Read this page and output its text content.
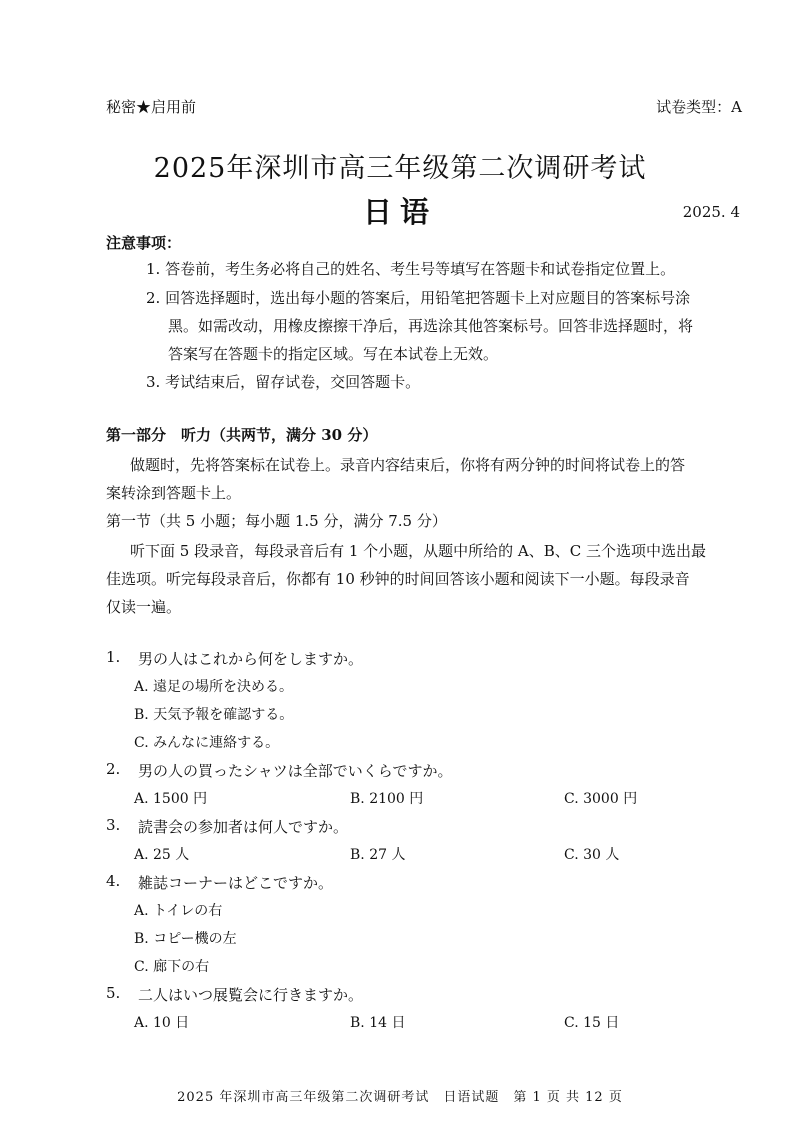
秘密★启用前	试卷类型：A
2025年深圳市高三年级第二次调研考试
日语	2025. 4
注意事项：
1. 答卷前，考生务必将自己的姓名、考生号等填写在答题卡和试卷指定位置上。
2. 回答选择题时，选出每小题的答案后，用铅笔把答题卡上对应题目的答案标号涂
黑。如需改动，用橡皮擦擦干净后，再选涂其他答案标号。回答非选择题时，将
答案写在答题卡的指定区域。写在本试卷上无效。
3. 考试结束后，留存试卷，交回答题卡。
第一部分　听力（共两节，满分 30 分）
做题时，先将答案标在试卷上。录音内容结束后，你将有两分钟的时间将试卷上的答
案转涂到答题卡上。
第一节（共 5 小题；每小题 1.5 分，满分 7.5 分）
听下面 5 段录音，每段录音后有 1 个小题，从题中所给的 A、B、C 三个选项中选出最
佳选项。听完每段录音后，你都有 10 秒钟的时间回答该小题和阅读下一小题。每段录音
仅读一遍。
1. 男の人はこれから何をしますか。
A. 遠足の場所を決める。
B. 天気予報を確認する。
C. みんなに連絡する。
2. 男の人の買ったシャツは全部でいくらですか。
A. 1500 円	B. 2100 円	C. 3000 円
3. 読書会の参加者は何人ですか。
A. 25 人	B. 27 人	C. 30 人
4. 雑誌コーナーはどこですか。
A. トイレの右
B. コピー機の左
C. 廊下の右
5. 二人はいつ展覧会に行きますか。
A. 10 日	B. 14 日	C. 15 日
2025 年深圳市高三年级第二次调研考试　日语试题　第 1 页 共 12 页
